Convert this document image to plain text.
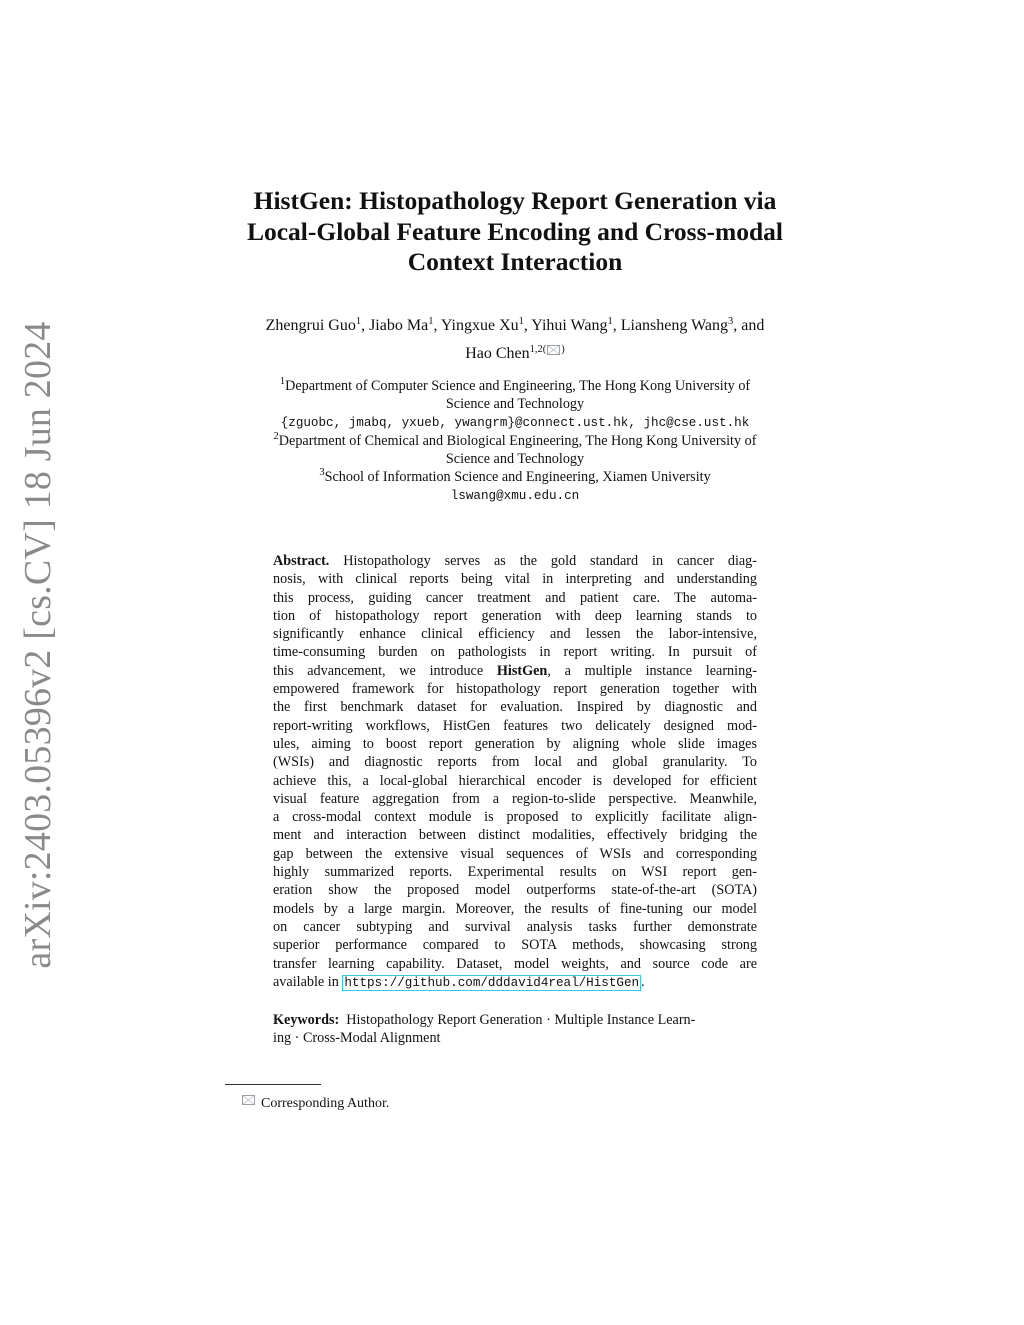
arXiv:2403.05396v2 [cs.CV] 18 Jun 2024
HistGen: Histopathology Report Generation via
Local-Global Feature Encoding and Cross-modal
Context Interaction
Zhengrui Guo$^1$, Jiabo Ma$^1$, Yingxue Xu$^1$, Yihui Wang$^1$, Liansheng Wang$^3$, and
Hao Chen$^{1,2( )}$
$^1$Department of Computer Science and Engineering, The Hong Kong University of
Science and Technology
{zguobc, jmabq, yxueb, ywangrm}@connect.ust.hk, jhc@cse.ust.hk
$^2$Department of Chemical and Biological Engineering, The Hong Kong University of
Science and Technology
$^3$School of Information Science and Engineering, Xiamen University
lswang@xmu.edu.cn
Abstract. Histopathology serves as the gold standard in cancer diag-
nosis, with clinical reports being vital in interpreting and understanding
this process, guiding cancer treatment and patient care. The automa-
tion of histopathology report generation with deep learning stands to
significantly enhance clinical efficiency and lessen the labor-intensive,
time-consuming burden on pathologists in report writing. In pursuit of
this advancement, we introduce HistGen, a multiple instance learning-
empowered framework for histopathology report generation together with
the first benchmark dataset for evaluation. Inspired by diagnostic and
report-writing workflows, HistGen features two delicately designed mod-
ules, aiming to boost report generation by aligning whole slide images
(WSIs) and diagnostic reports from local and global granularity. To
achieve this, a local-global hierarchical encoder is developed for efficient
visual feature aggregation from a region-to-slide perspective. Meanwhile,
a cross-modal context module is proposed to explicitly facilitate align-
ment and interaction between distinct modalities, effectively bridging the
gap between the extensive visual sequences of WSIs and corresponding
highly summarized reports. Experimental results on WSI report gen-
eration show the proposed model outperforms state-of-the-art (SOTA)
models by a large margin. Moreover, the results of fine-tuning our model
on cancer subtyping and survival analysis tasks further demonstrate
superior performance compared to SOTA methods, showcasing strong
transfer learning capability. Dataset, model weights, and source code are
available in https://github.com/dddavid4real/HistGen .
Keywords: Histopathology Report Generation · Multiple Instance Learn-
ing · Cross-Modal Alignment
Corresponding Author.
